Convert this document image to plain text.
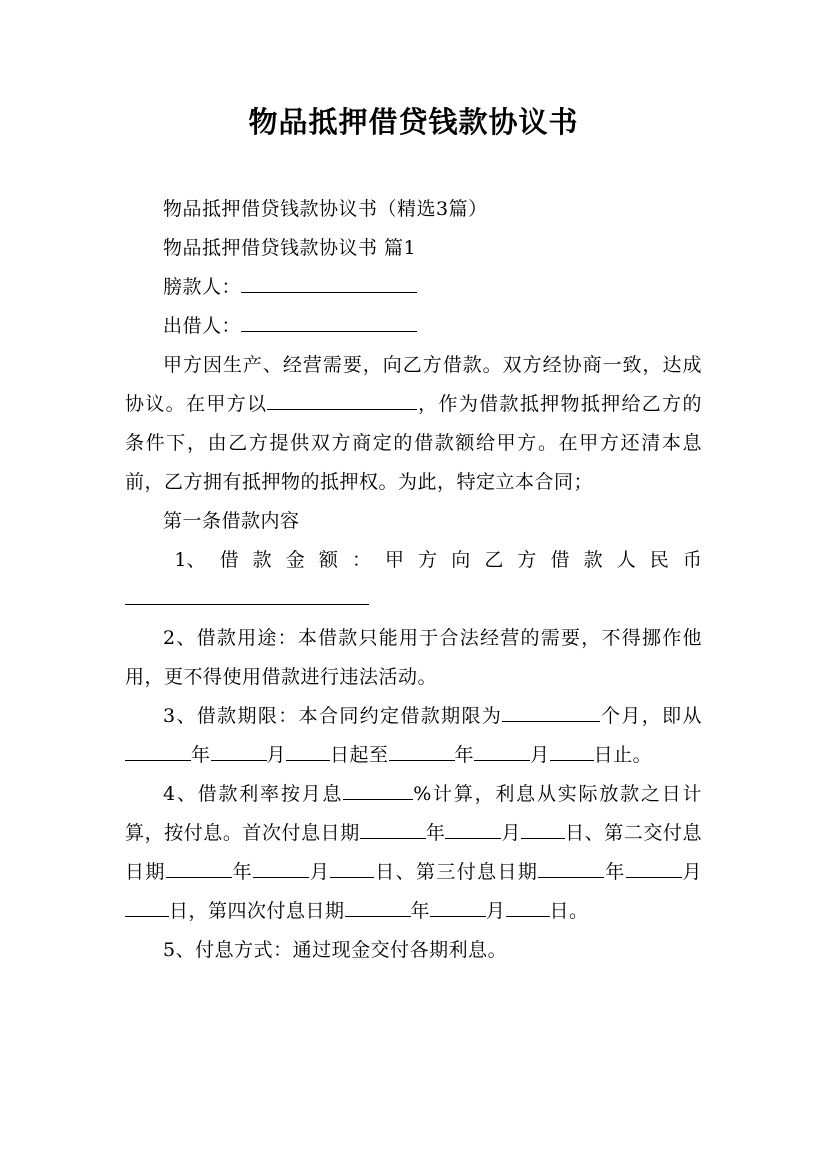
物品抵押借贷钱款协议书

物品抵押借贷钱款协议书（精选3篇）

物品抵押借贷钱款协议书 篇1

膀款人：

出借人：

甲方因生产、经营需要，向乙方借款。双方经协商一致，达成协议。在甲方以	，作为借款抵押物抵押给乙方的条件下，由乙方提供双方商定的借款额给甲方。在甲方还清本息前，乙方拥有抵押物的抵押权。为此，特定立本合同；

第一条借款内容

1、 借 款 金 额 ： 甲 方 向 乙 方 借 款 人 民 币

2、借款用途：本借款只能用于合法经营的需要，不得挪作他用，更不得使用借款进行违法活动。

3、借款期限：本合同约定借款期限为	个月，即从年	月 日起至	年	月 日止。

4、借款利率按月息	%计算，利息从实际放款之日计算，按付息。首次付息日期	年	月 日、第二交付息日期	年	月 日、第三付息日期	年	月日，第四次付息日期	年	月 日。

5、付息方式：通过现金交付各期利息。
